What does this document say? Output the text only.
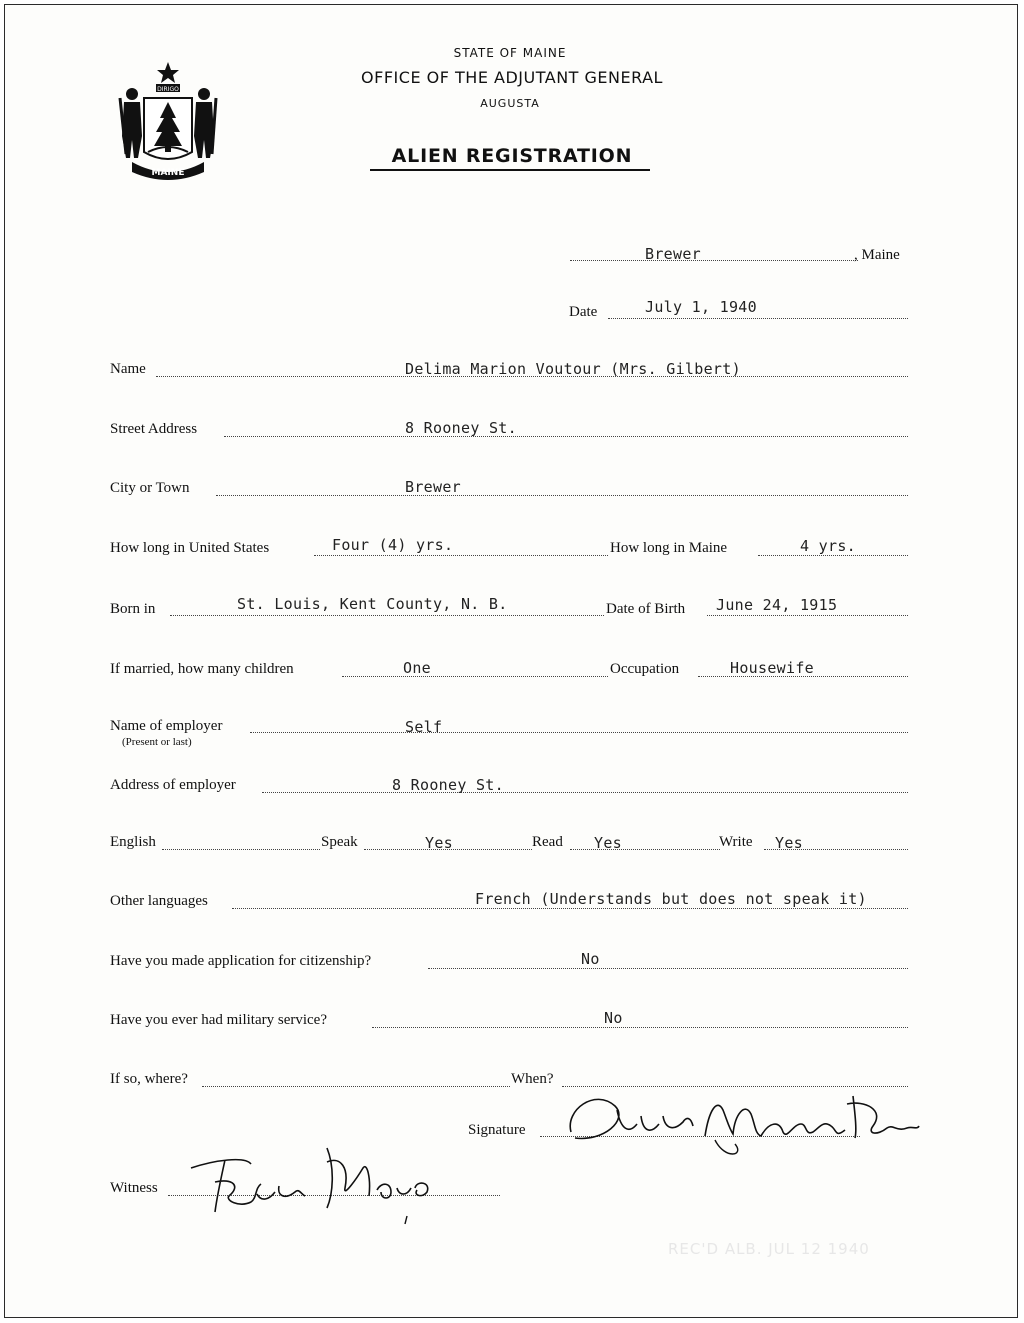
DIRIGO
MAINE
STATE OF MAINE
OFFICE OF THE ADJUTANT GENERAL
AUGUSTA
ALIEN REGISTRATION
Brewer	, Maine
Date	July 1, 1940
Name	Delima Marion Voutour (Mrs. Gilbert)
Street Address	8 Rooney St.
City or Town	Brewer
How long in United States	Four (4) yrs.	How long in Maine	4 yrs.
Born in	St. Louis, Kent County, N. B.	Date of Birth June 24, 1915
If married, how many children	One	Occupation	Housewife
Name of employer
(Present or last)
Self
Address of employer	8 Rooney St.
English	Speak	Yes	Read Yes	Write Yes
Other languages	French (Understands but does not speak it)
Have you made application for citizenship?	No
Have you ever had military service?	No
If so, where?	When?
Signature
Witness
REC'D ALB. JUL 12 1940
